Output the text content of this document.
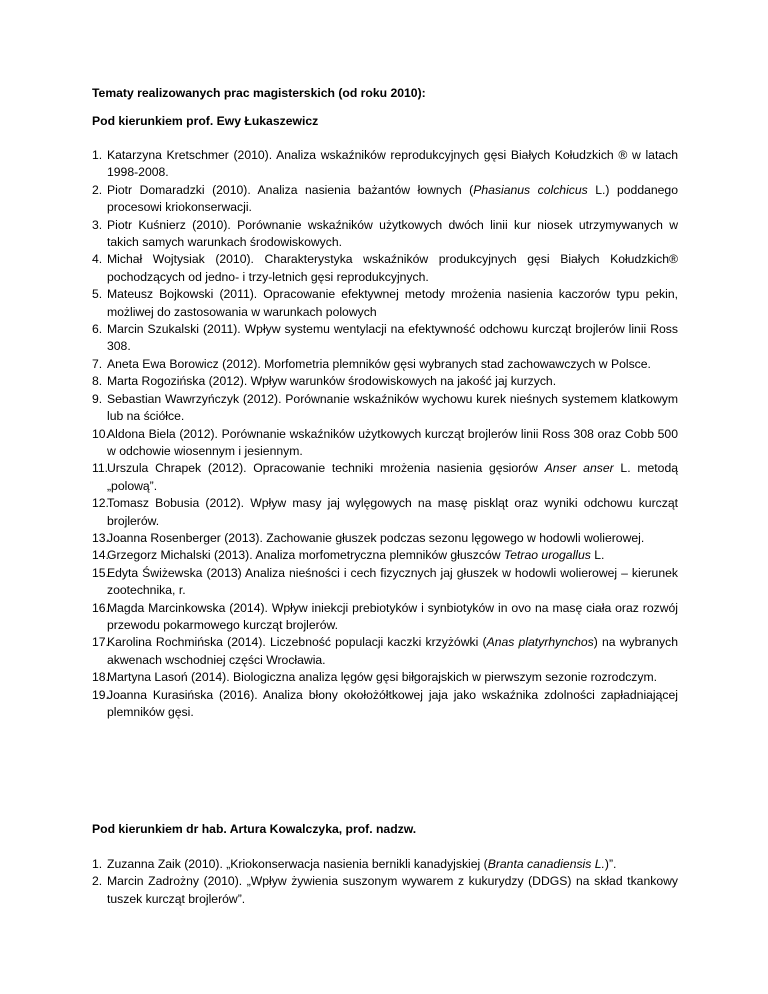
Tematy realizowanych prac magisterskich (od roku 2010):
Pod kierunkiem prof. Ewy Łukaszewicz
1. Katarzyna Kretschmer (2010). Analiza wskaźników reprodukcyjnych gęsi Białych Kołudzkich ® w latach 1998-2008.
2. Piotr Domaradzki (2010). Analiza nasienia bażantów łownych (Phasianus colchicus L.) poddanego procesowi kriokonserwacji.
3. Piotr Kuśnierz (2010). Porównanie wskaźników użytkowych dwóch linii kur niosek utrzymywanych w takich samych warunkach środowiskowych.
4. Michał Wojtysiak (2010). Charakterystyka wskaźników produkcyjnych gęsi Białych Kołudzkich® pochodzących od jedno- i trzy-letnich gęsi reprodukcyjnych.
5. Mateusz Bojkowski (2011). Opracowanie efektywnej metody mrożenia nasienia kaczorów typu pekin, możliwej do zastosowania w warunkach polowych
6. Marcin Szukalski (2011). Wpływ systemu wentylacji na efektywność odchowu kurcząt brojlerów linii Ross 308.
7. Aneta Ewa Borowicz (2012). Morfometria plemników gęsi wybranych stad zachowawczych w Polsce.
8. Marta Rogozińska (2012). Wpływ warunków środowiskowych na jakość jaj kurzych.
9. Sebastian Wawrzyńczyk (2012). Porównanie wskaźników wychowu kurek nieśnych systemem klatkowym lub na ściółce.
10.
Aldona Biela (2012). Porównanie wskaźników użytkowych kurcząt brojlerów linii Ross 308 oraz Cobb 500 w odchowie wiosennym i jesiennym.
11.
Urszula Chrapek (2012). Opracowanie techniki mrożenia nasienia gęsiorów Anser anser L. metodą „polową”.
12.
Tomasz Bobusia (2012). Wpływ masy jaj wylęgowych na masę piskląt oraz wyniki odchowu kurcząt brojlerów.
13.
Joanna Rosenberger (2013). Zachowanie głuszek podczas sezonu lęgowego w hodowli wolierowej.
14.
Grzegorz Michalski (2013). Analiza morfometryczna plemników głuszców Tetrao urogallus L.
15.
Edyta Świżewska (2013) Analiza nieśności i cech fizycznych jaj głuszek w hodowli wolierowej – kierunek zootechnika, r.
16.
Magda Marcinkowska (2014). Wpływ iniekcji prebiotyków i synbiotyków in ovo na masę ciała oraz rozwój przewodu pokarmowego kurcząt brojlerów.
17.
Karolina Rochmińska (2014). Liczebność populacji kaczki krzyżówki (Anas platyrhynchos) na wybranych akwenach wschodniej części Wrocławia.
18.
Martyna Lasoń (2014). Biologiczna analiza lęgów gęsi biłgorajskich w pierwszym sezonie rozrodczym.
19.
Joanna Kurasińska (2016). Analiza błony okołożółtkowej jaja jako wskaźnika zdolności zapładniającej plemników gęsi.
Pod kierunkiem dr hab. Artura Kowalczyka, prof. nadzw.
1. Zuzanna Zaik (2010). „Kriokonserwacja nasienia bernikli kanadyjskiej (Branta canadiensis L.)”.
2. Marcin Zadrożny (2010). „Wpływ żywienia suszonym wywarem z kukurydzy (DDGS) na skład tkankowy tuszek kurcząt brojlerów”.
